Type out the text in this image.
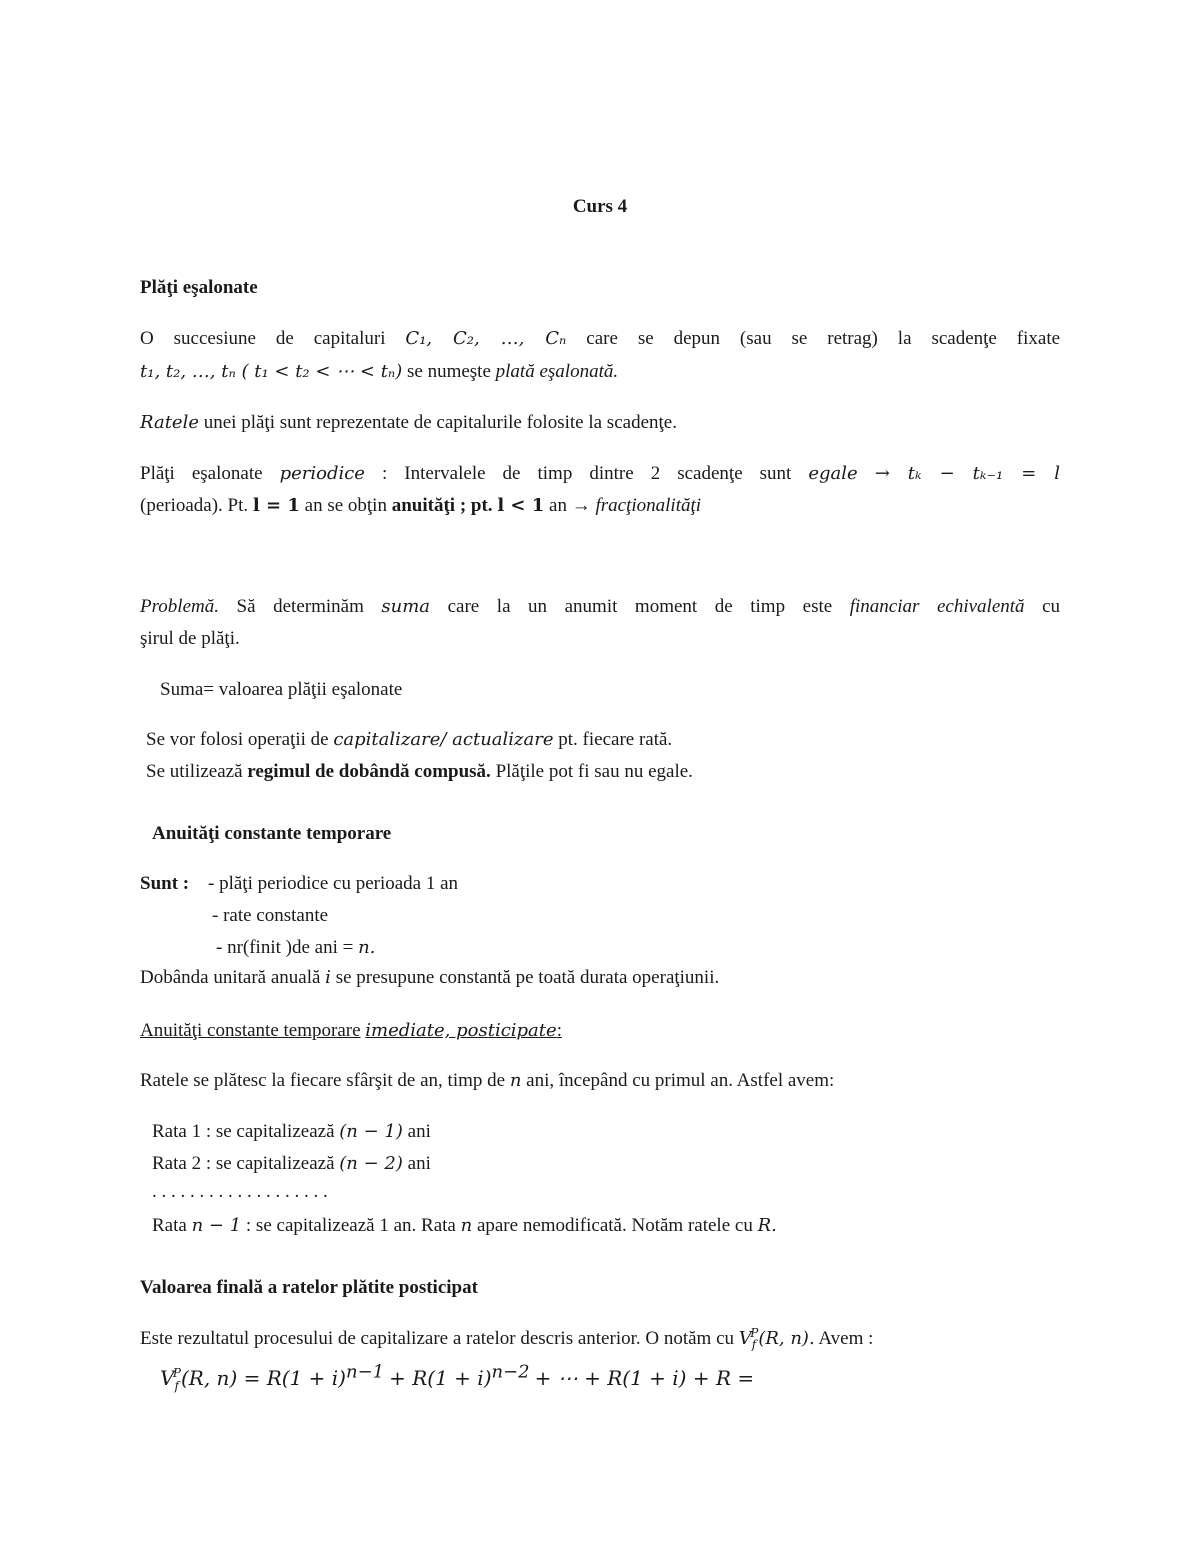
Curs 4
Plăţi eşalonate
O succesiune de capitaluri C₁, C₂, …, Cₙ care se depun (sau se retrag) la scadenţe fixate
t₁, t₂, …, tₙ ( t₁ < t₂ < ⋯ < tₙ) se numeşte plată eşalonată.
Ratele unei plăţi sunt reprezentate de capitalurile folosite la scadenţe.
Plăţi eşalonate periodice : Intervalele de timp dintre 2 scadenţe sunt egale → tₖ − tₖ₋₁ = l
(perioada). Pt. l = 1 an se obţin anuităţi ; pt. l < 1 an → fracţionalităţi
Problemă. Să determinăm suma care la un anumit moment de timp este financiar echivalentă cu
şirul de plăţi.
Suma= valoarea plăţii eşalonate
Se vor folosi operaţii de capitalizare/ actualizare pt. fiecare rată.
Se utilizează regimul de dobândă compusă. Plăţile pot fi sau nu egale.
Anuităţi constante temporare
Sunt : - plăţi periodice cu perioada 1 an
- rate constante
- nr(finit )de ani = n.
Dobânda unitară anuală i se presupune constantă pe toată durata operaţiunii.
Anuităţi constante temporare imediate, posticipate:
Ratele se plătesc la fiecare sfârşit de an, timp de n ani, începând cu primul an. Astfel avem:
Rata 1 : se capitalizează (n − 1) ani
Rata 2 : se capitalizează (n − 2) ani
. . . . . . . . . . . . . . . . . . .
Rata n − 1 : se capitalizează 1 an. Rata n apare nemodificată. Notăm ratele cu R.
Valoarea finală a ratelor plătite posticipat
Este rezultatul procesului de capitalizare a ratelor descris anterior. O notăm cu $V_f^P(R$, n). Avem :
$V_f^P(R$, $n) = R(1 + i)^{n-1} + R(1 + i)^{n-2}$ + ⋯ + R(1 + i) + R =
